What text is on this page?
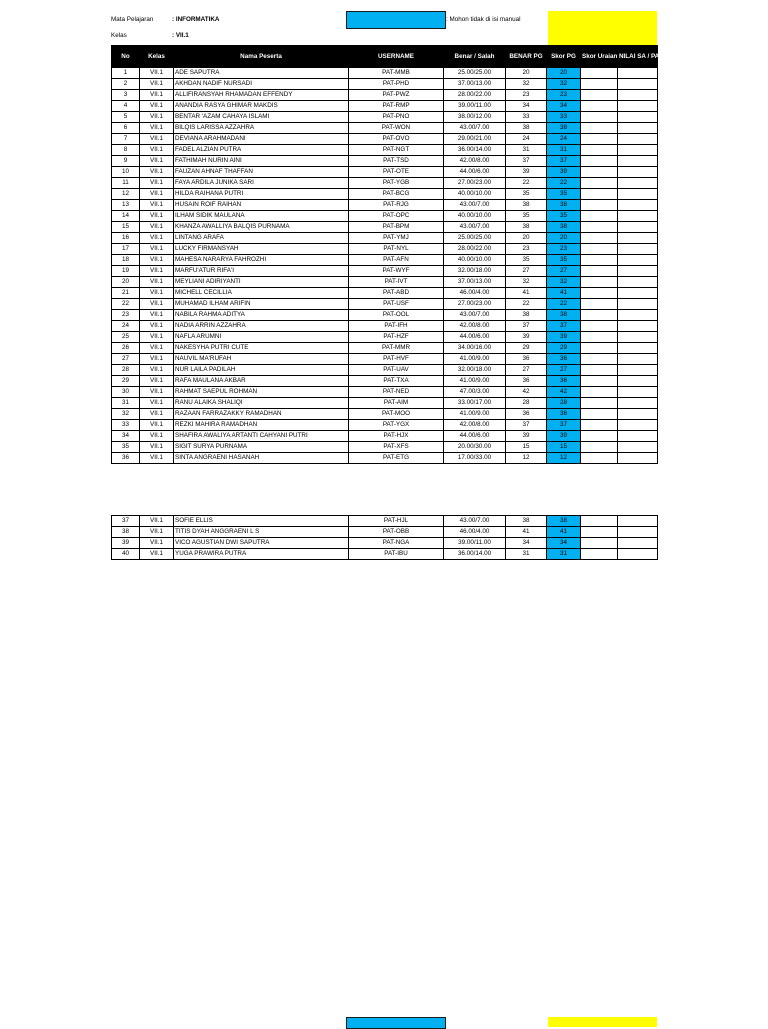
Mata Pelajaran	: INFORMATIKA
Kelas	: VII.1
: Mohon tidak di isi manual
No	Kelas	Nama Peserta	USERNAME	Benar / Salah	BENAR PG	Skor PG	Skor Uraian	NILAI SA / PAT
1	VII.1	ADE SAPUTRA	PAT-MMB	25.00/25.00	20	20		
2	VII.1	AKHDAN NADIF NURSADI	PAT-PHD	37.00/13.00	32	32		
3	VII.1	ALLIFIRANSYAH RHAMADAN EFFENDY	PAT-PWZ	28.00/22.00	23	23		
4	VII.1	ANANDIA RASYA GHIMAR MAKDIS	PAT-RMP	39.00/11.00	34	34		
5	VII.1	BENTAR 'AZAM CAHAYA ISLAMI	PAT-PNO	38.00/12.00	33	33		
6	VII.1	BILQIS LARISSA AZZAHRA	PAT-WON	43.00/7.00	38	38		
7	VII.1	DEVIANA ARAHMADANI	PAT-OVO	29.00/21.00	24	24		
8	VII.1	FADEL ALZIAN PUTRA	PAT-NGT	36.00/14.00	31	31		
9	VII.1	FATHIMAH NURIN AINI	PAT-TSD	42.00/8.00	37	37		
10	VII.1	FAUZAN AHNAF THAFFAN	PAT-OTE	44.00/6.00	39	39		
11	VII.1	FAYA ARDILA JUNIKA SARI	PAT-YGB	27.00/23.00	22	22		
12	VII.1	HILDA RAIHANA PUTRI	PAT-BCG	40.00/10.00	35	35		
13	VII.1	HUSAIN ROIF RAIHAN	PAT-RJG	43.00/7.00	38	38		
14	VII.1	ILHAM SIDIK MAULANA	PAT-OPC	40.00/10.00	35	35		
15	VII.1	KHANZA AWALLIYA BALQIS PURNAMA	PAT-BPM	43.00/7.00	38	38		
16	VII.1	LINTANG ARAFA	PAT-YMJ	25.00/25.00	20	20		
17	VII.1	LUCKY FIRMANSYAH	PAT-NYL	28.00/22.00	23	23		
18	VII.1	MAHESA NARARYA FAHROZHI	PAT-AFN	40.00/10.00	35	35		
19	VII.1	MARFU'ATUR RIFA'I	PAT-WYF	32.00/18.00	27	27		
20	VII.1	MEYLIANI ADIRIYANTI	PAT-IVT	37.00/13.00	32	32		
21	VII.1	MICHELL CECILLIA	PAT-ABD	46.00/4.00	41	41		
22	VII.1	MUHAMAD ILHAM ARIFIN	PAT-USF	27.00/23.00	22	22		
23	VII.1	NABILA RAHMA ADITYA	PAT-OOL	43.00/7.00	38	38		
24	VII.1	NADIA ARRIN AZZAHRA	PAT-IFH	42.00/8.00	37	37		
25	VII.1	NAFLA ARUMNI	PAT-HZF	44.00/6.00	39	39		
26	VII.1	NAKESYHA PUTRI CUTE	PAT-MMR	34.00/16.00	29	29		
27	VII.1	NAUVIL MA'RUFAH	PAT-HVF	41.00/9.00	36	36		
28	VII.1	NUR LAILA PADILAH	PAT-UAV	32.00/18.00	27	27		
29	VII.1	RAFA MAULANA AKBAR	PAT-TXA	41.00/9.00	36	36		
30	VII.1	RAHMAT SAEPUL ROHMAN	PAT-NED	47.00/3.00	42	42		
31	VII.1	RANU ALAIKA SHALIQI	PAT-AIM	33.00/17.00	28	28		
32	VII.1	RAZAAN FARRAZAKKY RAMADHAN	PAT-MOO	41.00/9.00	36	36		
33	VII.1	REZKI MAHIRA RAMADHAN	PAT-YGX	42.00/8.00	37	37		
34	VII.1	SHAFIRA AWALIYA ARTANTI CAHYANI PUTRI	PAT-HJX	44.00/6.00	39	39		
35	VII.1	SIGIT SURYA PURNAMA	PAT-XFS	20.00/30.00	15	15		
36	VII.1	SINTA ANGRAENI HASANAH	PAT-ETG	17.00/33.00	12	12		
37	VII.1	SOFIE ELLIS	PAT-HJL	43.00/7.00	38	38		
38	VII.1	TITIS DYAH ANGGRAENI L S	PAT-OBB	46.00/4.00	41	41		
39	VII.1	VICO AGUSTIAN DWI SAPUTRA	PAT-NGA	39.00/11.00	34	34		
40	VII.1	YUGA PRAWIRA PUTRA	PAT-IBU	36.00/14.00	31	31		
